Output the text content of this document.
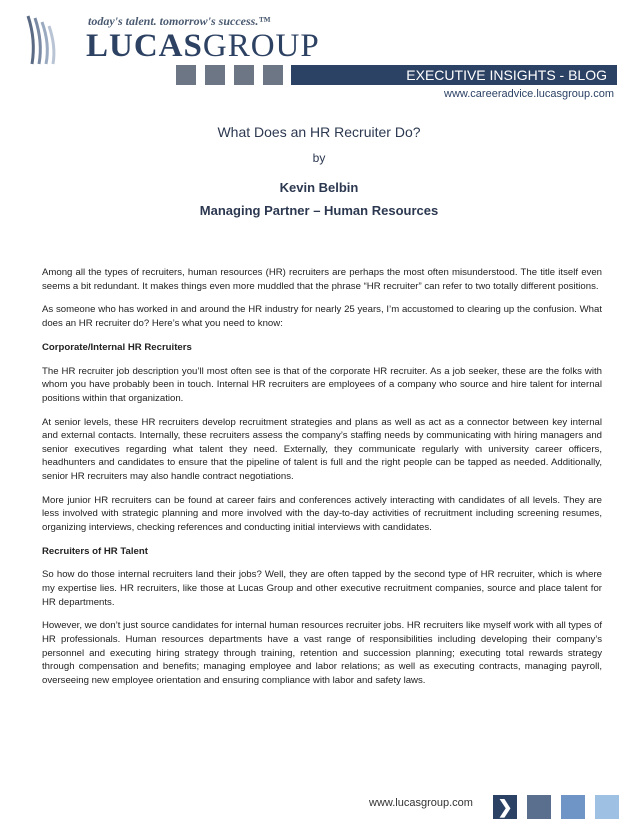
today's talent. tomorrow's success.™
LUCASGROUP
EXECUTIVE INSIGHTS - BLOG
www.careeradvice.lucasgroup.com
What Does an HR Recruiter Do?
by
Kevin Belbin
Managing Partner – Human Resources

Among all the types of recruiters, human resources (HR) recruiters are perhaps the most often misunderstood. The title itself even seems a bit redundant. It makes things even more muddled that the phrase “HR recruiter” can refer to two totally different positions.

As someone who has worked in and around the HR industry for nearly 25 years, I’m accustomed to clearing up the confusion. What does an HR recruiter do? Here’s what you need to know:

Corporate/Internal HR Recruiters

The HR recruiter job description you’ll most often see is that of the corporate HR recruiter. As a job seeker, these are the folks with whom you have probably been in touch. Internal HR recruiters are employees of a company who source and hire talent for internal positions within that organization.

At senior levels, these HR recruiters develop recruitment strategies and plans as well as act as a connector between key internal and external contacts. Internally, these recruiters assess the company’s staffing needs by communicating with hiring managers and senior executives regarding what talent they need. Externally, they communicate regularly with university career officers, headhunters and candidates to ensure that the pipeline of talent is full and the right people can be tapped as needed. Additionally, senior HR recruiters may also handle contract negotiations.

More junior HR recruiters can be found at career fairs and conferences actively interacting with candidates of all levels. They are less involved with strategic planning and more involved with the day-to-day activities of recruitment including screening resumes, organizing interviews, checking references and conducting initial interviews with candidates.

Recruiters of HR Talent

So how do those internal recruiters land their jobs? Well, they are often tapped by the second type of HR recruiter, which is where my expertise lies. HR recruiters, like those at Lucas Group and other executive recruitment companies, source and place talent for HR departments.

However, we don’t just source candidates for internal human resources recruiter jobs. HR recruiters like myself work with all types of HR professionals. Human resources departments have a vast range of responsibilities including developing their company’s personnel and executing hiring strategy through training, retention and succession planning; executing total rewards strategy through compensation and benefits; managing employee and labor relations; as well as executing contracts, managing payroll, overseeing new employee orientation and ensuring compliance with labor and safety laws.

www.lucasgroup.com ❯
